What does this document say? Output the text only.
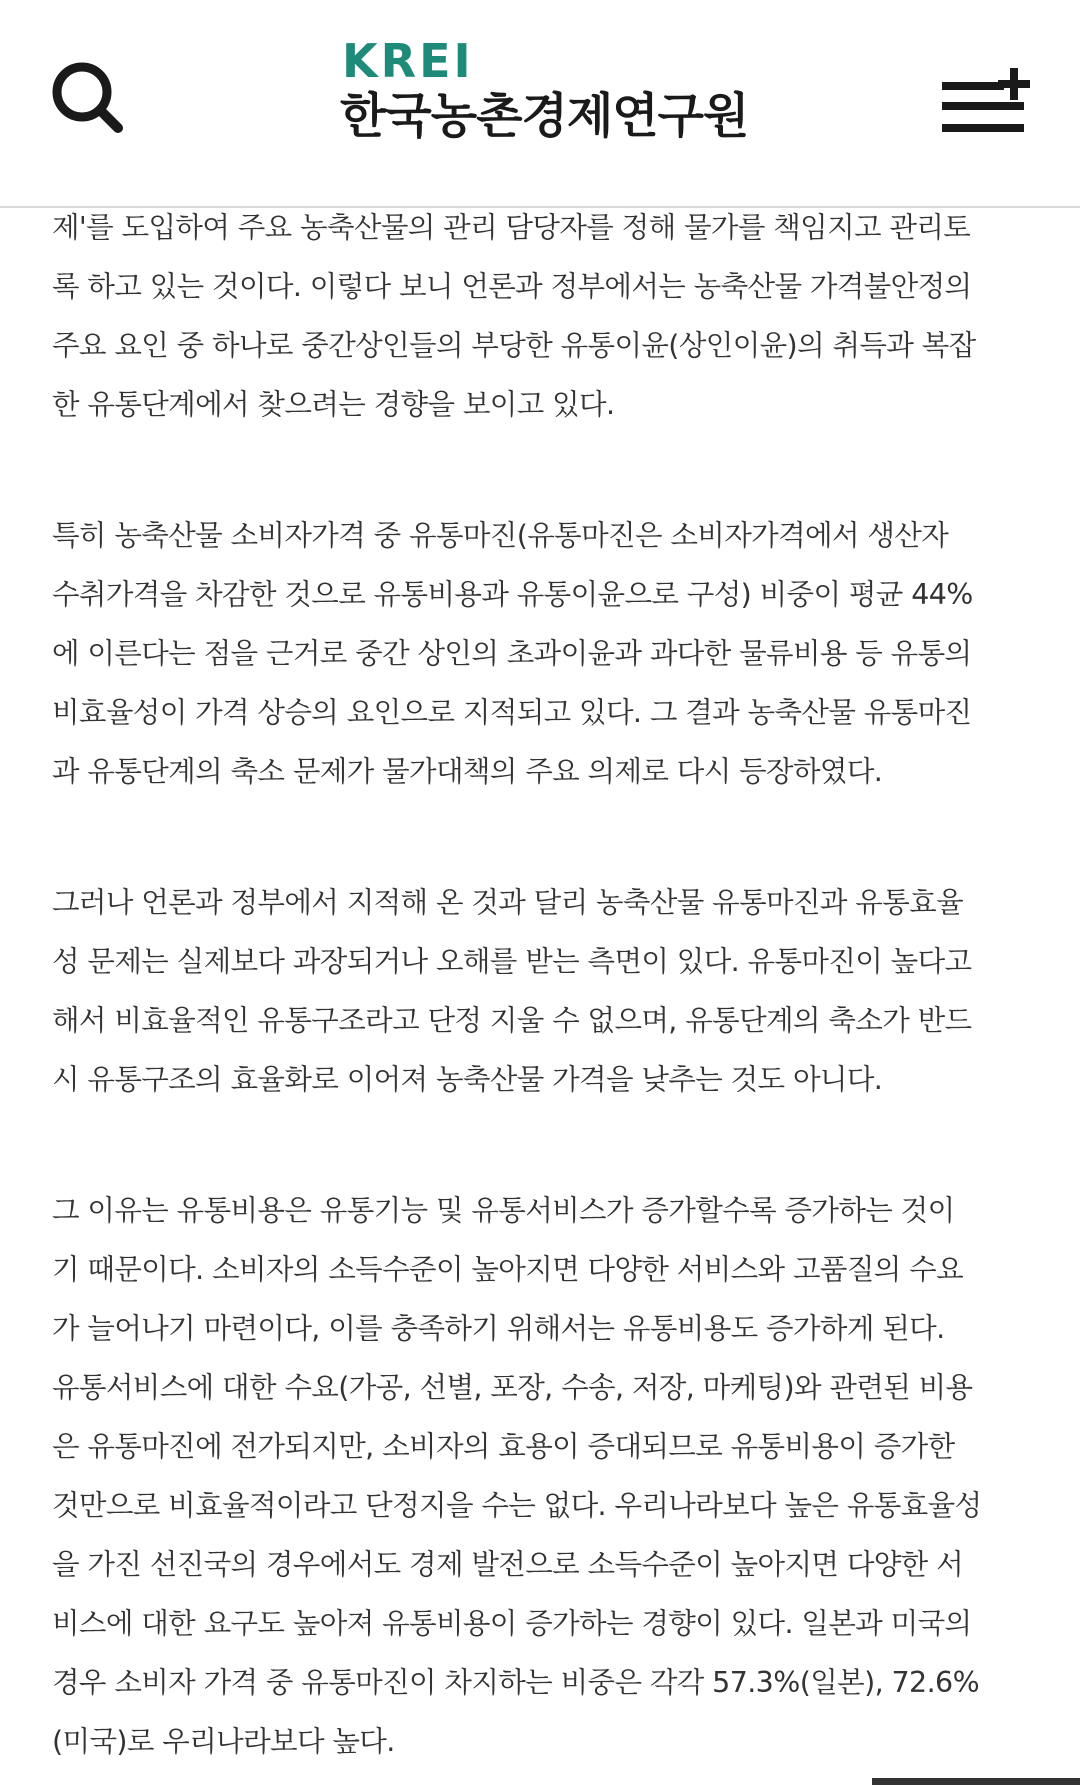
KREI
한국농촌경제연구원
제'를 도입하여 주요 농축산물의 관리 담당자를 정해 물가를 책임지고 관리토
록 하고 있는 것이다. 이렇다 보니 언론과 정부에서는 농축산물 가격불안정의
주요 요인 중 하나로 중간상인들의 부당한 유통이윤(상인이윤)의 취득과 복잡
한 유통단계에서 찾으려는 경향을 보이고 있다.
특히 농축산물 소비자가격 중 유통마진(유통마진은 소비자가격에서 생산자
수취가격을 차감한 것으로 유통비용과 유통이윤으로 구성) 비중이 평균 44%
에 이른다는 점을 근거로 중간 상인의 초과이윤과 과다한 물류비용 등 유통의
비효율성이 가격 상승의 요인으로 지적되고 있다. 그 결과 농축산물 유통마진
과 유통단계의 축소 문제가 물가대책의 주요 의제로 다시 등장하였다.
그러나 언론과 정부에서 지적해 온 것과 달리 농축산물 유통마진과 유통효율
성 문제는 실제보다 과장되거나 오해를 받는 측면이 있다. 유통마진이 높다고
해서 비효율적인 유통구조라고 단정 지울 수 없으며, 유통단계의 축소가 반드
시 유통구조의 효율화로 이어져 농축산물 가격을 낮추는 것도 아니다.
그 이유는 유통비용은 유통기능 및 유통서비스가 증가할수록 증가하는 것이
기 때문이다. 소비자의 소득수준이 높아지면 다양한 서비스와 고품질의 수요
가 늘어나기 마련이다, 이를 충족하기 위해서는 유통비용도 증가하게 된다.
유통서비스에 대한 수요(가공, 선별, 포장, 수송, 저장, 마케팅)와 관련된 비용
은 유통마진에 전가되지만, 소비자의 효용이 증대되므로 유통비용이 증가한
것만으로 비효율적이라고 단정지을 수는 없다. 우리나라보다 높은 유통효율성
을 가진 선진국의 경우에서도 경제 발전으로 소득수준이 높아지면 다양한 서
비스에 대한 요구도 높아져 유통비용이 증가하는 경향이 있다. 일본과 미국의
경우 소비자 가격 중 유통마진이 차지하는 비중은 각각 57.3%(일본), 72.6%
(미국)로 우리나라보다 높다.
